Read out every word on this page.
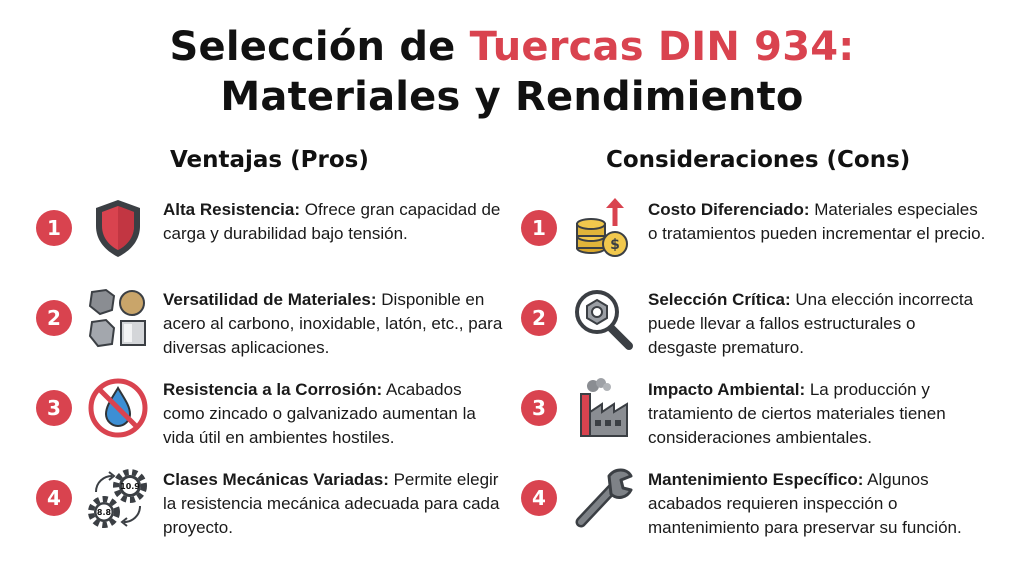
Selección de Tuercas DIN 934:
Materiales y Rendimiento
Ventajas (Pros)	Consideraciones (Cons)
1
Alta Resistencia: Ofrece gran capacidad de carga y durabilidad bajo tensión.
2
Versatilidad de Materiales: Disponible en acero al carbono, inoxidable, latón, etc., para diversas aplicaciones.
3
Resistencia a la Corrosión: Acabados como zincado o galvanizado aumentan la vida útil en ambientes hostiles.
4	10.9
8.8
Clases Mecánicas Variadas: Permite elegir la resistencia mecánica adecuada para cada proyecto.
1
$
Costo Diferenciado: Materiales especiales o tratamientos pueden incrementar el precio.
2
Selección Crítica: Una elección incorrecta puede llevar a fallos estructurales o desgaste prematuro.
3
Impacto Ambiental: La producción y tratamiento de ciertos materiales tienen consideraciones ambientales.
4
Mantenimiento Específico: Algunos acabados requieren inspección o mantenimiento para preservar su función.
